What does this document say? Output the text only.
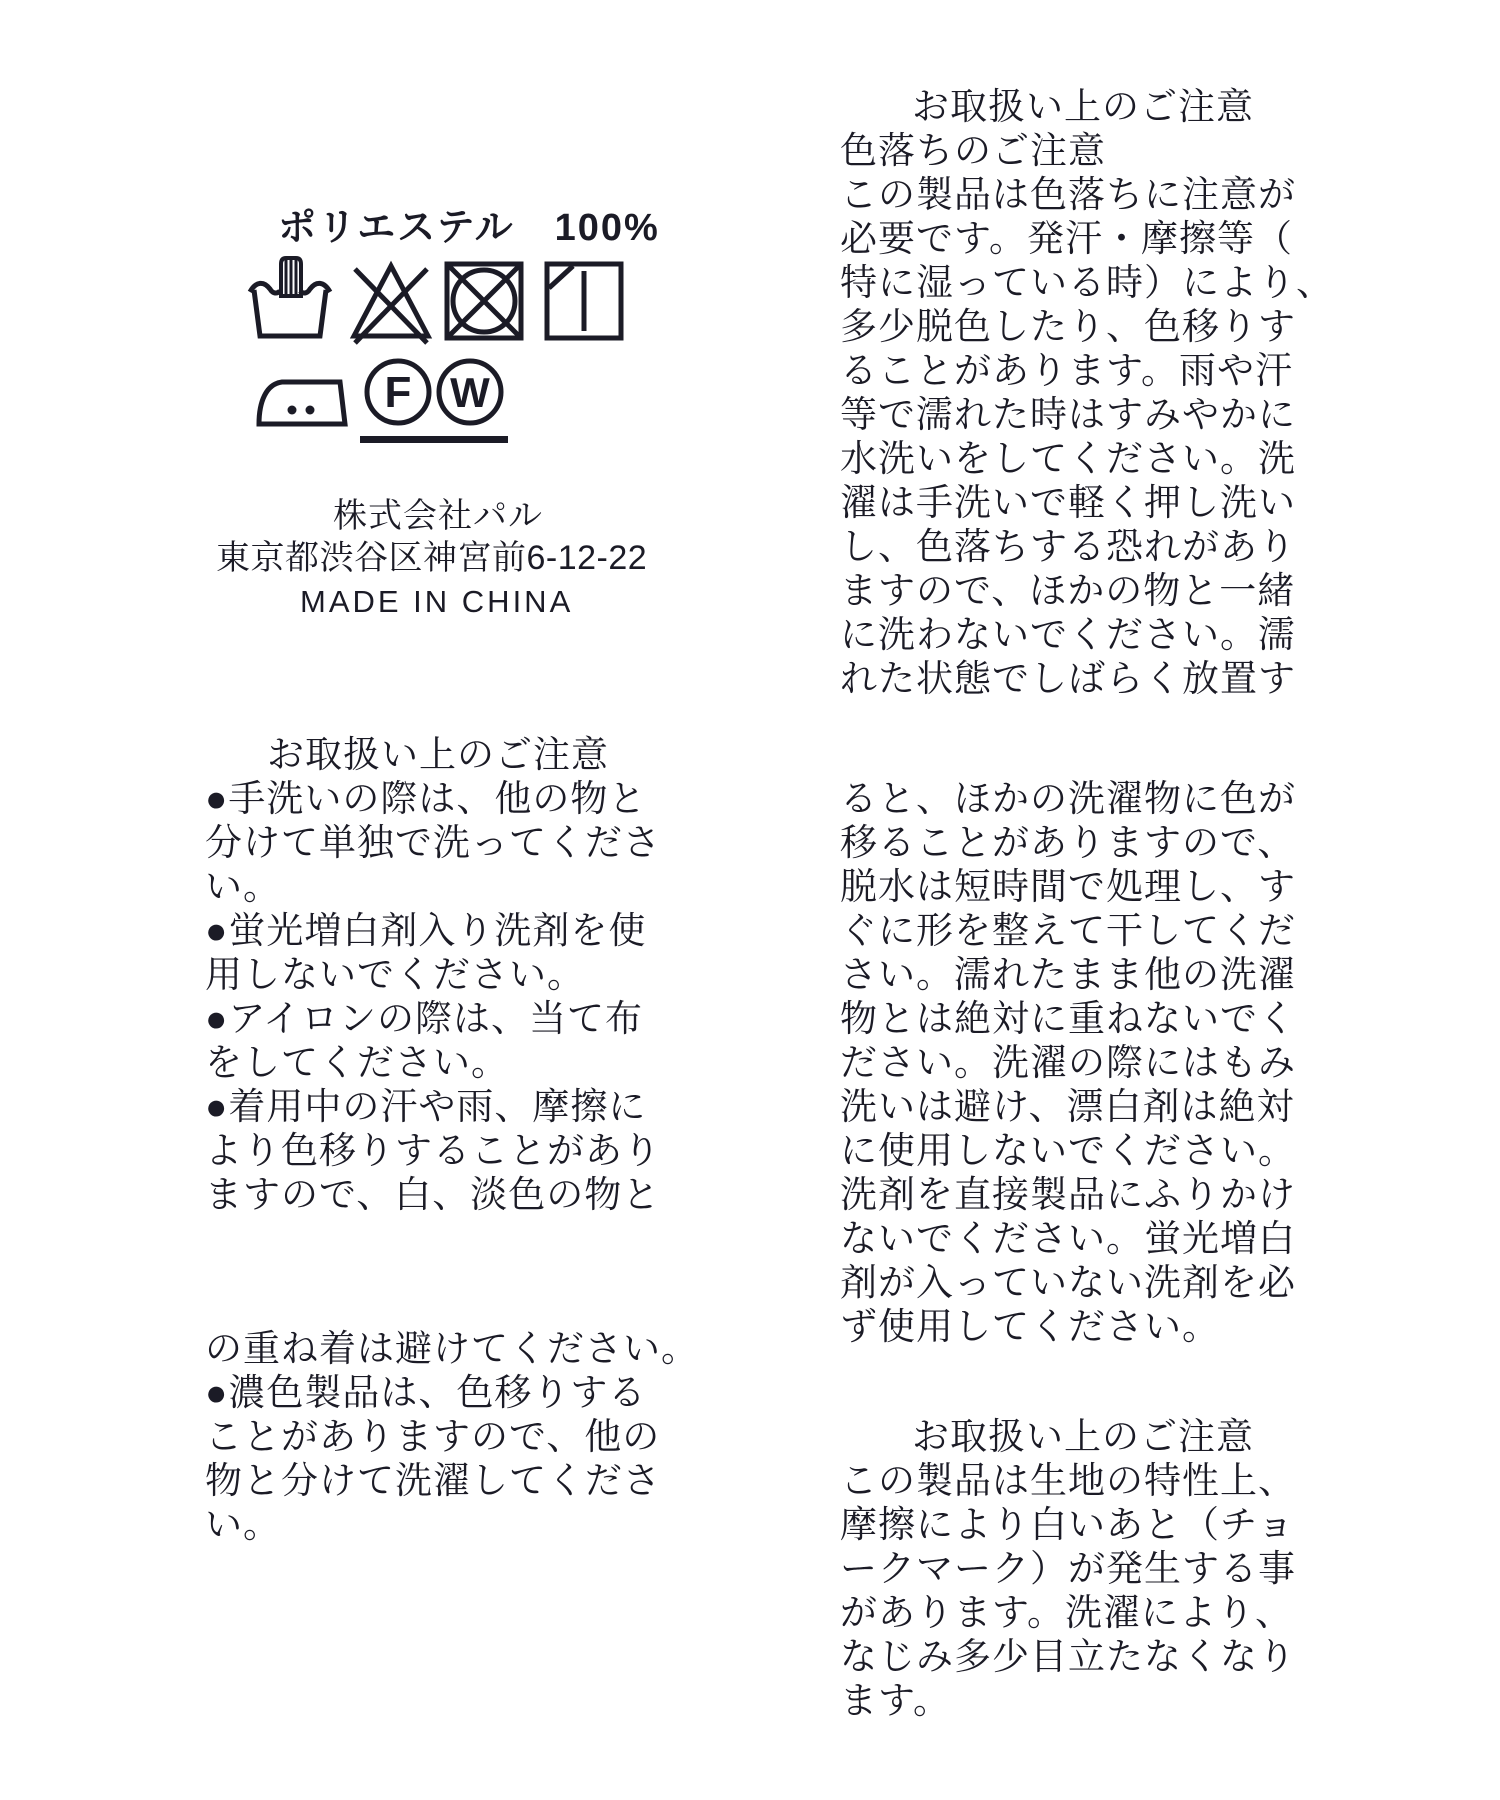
ポリエステル　100%
F W
株式会社パル
東京都渋谷区神宮前6-12-22
MADE IN CHINA
お取扱い上のご注意
●手洗いの際は、他の物と
分けて単独で洗ってくださ
い。
●蛍光増白剤入り洗剤を使
用しないでください。
●アイロンの際は、当て布
をしてください。
●着用中の汗や雨、摩擦に
より色移りすることがあり
ますので、白、淡色の物と
の重ね着は避けてください。
●濃色製品は、色移りする
ことがありますので、他の
物と分けて洗濯してくださ
い。
お取扱い上のご注意
色落ちのご注意
この製品は色落ちに注意が
必要です。発汗・摩擦等（
特に湿っている時）により、
多少脱色したり、色移りす
ることがあります。雨や汗
等で濡れた時はすみやかに
水洗いをしてください。洗
濯は手洗いで軽く押し洗い
し、色落ちする恐れがあり
ますので、ほかの物と一緒
に洗わないでください。濡
れた状態でしばらく放置す
ると、ほかの洗濯物に色が
移ることがありますので、
脱水は短時間で処理し、す
ぐに形を整えて干してくだ
さい。濡れたまま他の洗濯
物とは絶対に重ねないでく
ださい。洗濯の際にはもみ
洗いは避け、漂白剤は絶対
に使用しないでください。
洗剤を直接製品にふりかけ
ないでください。蛍光増白
剤が入っていない洗剤を必
ず使用してください。
お取扱い上のご注意
この製品は生地の特性上、
摩擦により白いあと（チョ
ークマーク）が発生する事
があります。洗濯により、
なじみ多少目立たなくなり
ます。
